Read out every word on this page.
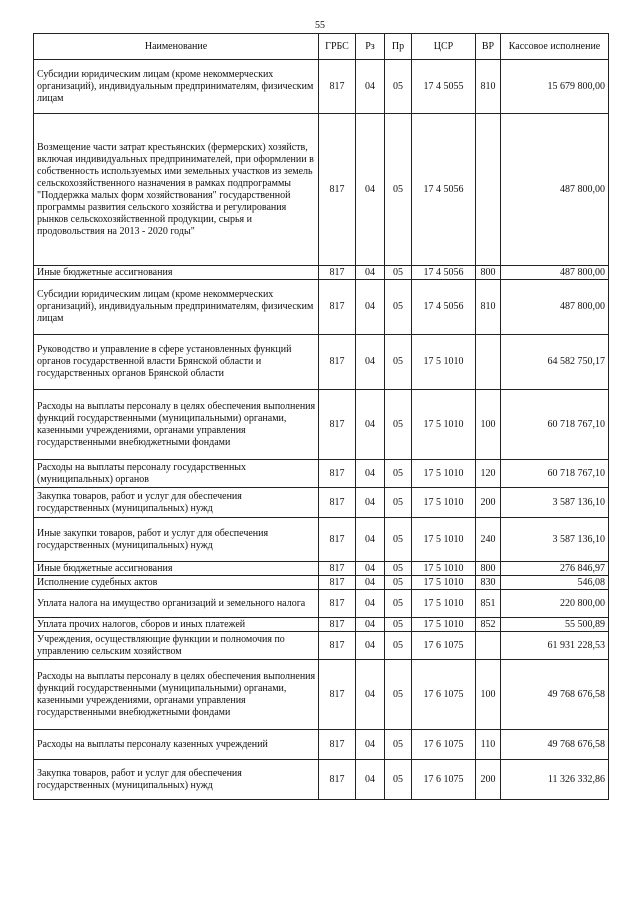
55
Наименование	ГРБС	Рз	Пр	ЦСР	ВР	Кассовое исполнение
Субсидии юридическим лицам (кроме некоммерческих организаций), индивидуальным предпринимателям, физическим лицам	817	04	05	17 4 5055	810	15 679 800,00
Возмещение части затрат крестьянских (фермерских) хозяйств, включая индивидуальных предпринимателей, при оформлении в собственность используемых ими земельных участков из земель сельскохозяйственного назначения в рамках подпрограммы "Поддержка малых форм хозяйствования" государственной программы развития сельского хозяйства и регулирования рынков сельскохозяйственной продукции, сырья и продовольствия на 2013 - 2020 годы"	817	04	05	17 4 5056		487 800,00
Иные бюджетные ассигнования	817	04	05	17 4 5056	800	487 800,00
Субсидии юридическим лицам (кроме некоммерческих организаций), индивидуальным предпринимателям, физическим лицам	817	04	05	17 4 5056	810	487 800,00
Руководство и управление в сфере установленных функций органов государственной власти Брянской области и государственных органов Брянской области	817	04	05	17 5 1010		64 582 750,17
Расходы на выплаты персоналу в целях обеспечения выполнения функций государственными (муниципальными) органами, казенными учреждениями, органами управления государственными внебюджетными фондами	817	04	05	17 5 1010	100	60 718 767,10
Расходы на выплаты персоналу государственных (муниципальных) органов	817	04	05	17 5 1010	120	60 718 767,10
Закупка товаров, работ и услуг для обеспечения государственных (муниципальных) нужд	817	04	05	17 5 1010	200	3 587 136,10
Иные закупки товаров, работ и услуг для обеспечения государственных (муниципальных) нужд	817	04	05	17 5 1010	240	3 587 136,10
Иные бюджетные ассигнования	817	04	05	17 5 1010	800	276 846,97
Исполнение судебных актов	817	04	05	17 5 1010	830	546,08
Уплата налога на имущество организаций и земельного налога	817	04	05	17 5 1010	851	220 800,00
Уплата прочих налогов, сборов и иных платежей	817	04	05	17 5 1010	852	55 500,89
Учреждения, осуществляющие функции и полномочия по управлению сельским хозяйством	817	04	05	17 6 1075		61 931 228,53
Расходы на выплаты персоналу в целях обеспечения выполнения функций государственными (муниципальными) органами, казенными учреждениями, органами управления государственными внебюджетными фондами	817	04	05	17 6 1075	100	49 768 676,58
Расходы на выплаты персоналу казенных учреждений	817	04	05	17 6 1075	110	49 768 676,58
Закупка товаров, работ и услуг для обеспечения государственных (муниципальных) нужд	817	04	05	17 6 1075	200	11 326 332,86
